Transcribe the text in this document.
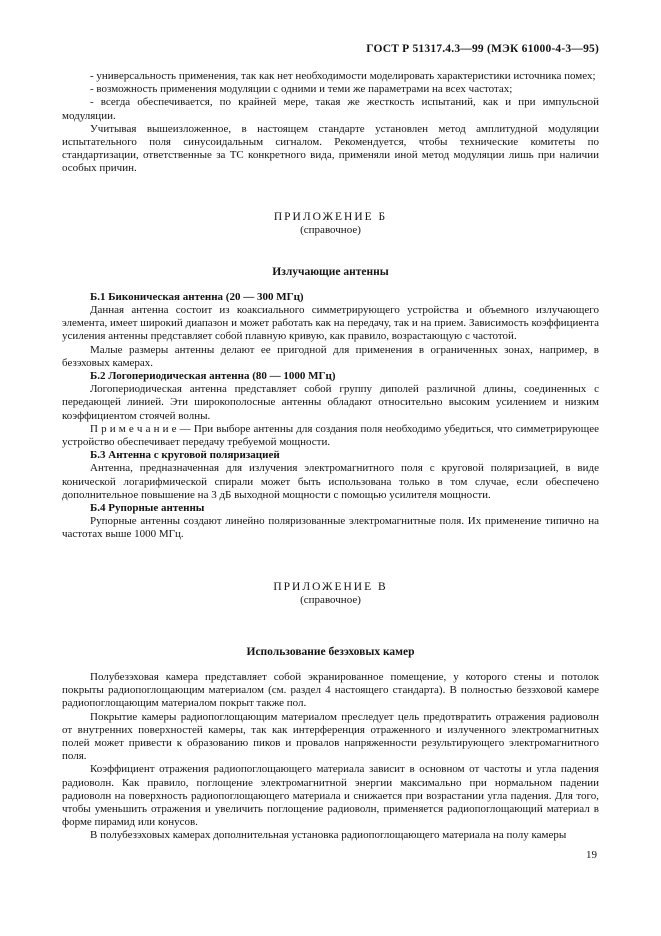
ГОСТ Р 51317.4.3—99 (МЭК 61000-4-3—95)

- универсальность применения, так как нет необходимости моделировать характеристики источника помех;

- возможность применения модуляции с одними и теми же параметрами на всех частотах;

- всегда обеспечивается, по крайней мере, такая же жесткость испытаний, как и при импульсной модуляции.

Учитывая вышеизложенное, в настоящем стандарте установлен метод амплитудной модуляции испытательного поля синусоидальным сигналом. Рекомендуется, чтобы технические комитеты по стандартизации, ответственные за ТС конкретного вида, применяли иной метод модуляции лишь при наличии особых причин.

ПРИЛОЖЕНИЕ Б
(справочное)
Излучающие антенны

Б.1 Биконическая антенна (20 — 300 МГц)

Данная антенна состоит из коаксиального симметрирующего устройства и объемного излучающего элемента, имеет широкий диапазон и может работать как на передачу, так и на прием. Зависимость коэффициента усиления антенны представляет собой плавную кривую, как правило, возрастающую с частотой.

Малые размеры антенны делают ее пригодной для применения в ограниченных зонах, например, в безэховых камерах.

Б.2 Логопериодическая антенна (80 — 1000 МГц)

Логопериодическая антенна представляет собой группу диполей различной длины, соединенных с передающей линией. Эти широкополосные антенны обладают относительно высоким усилением и низким коэффициентом стоячей волны.

П р и м е ч а н и е — При выборе антенны для создания поля необходимо убедиться, что симметрирующее устройство обеспечивает передачу требуемой мощности.

Б.3 Антенна с круговой поляризацией

Антенна, предназначенная для излучения электромагнитного поля с круговой поляризацией, в виде конической логарифмической спирали может быть использована только в том случае, если обеспечено дополнительное повышение на 3 дБ выходной мощности с помощью усилителя мощности.

Б.4 Рупорные антенны

Рупорные антенны создают линейно поляризованные электромагнитные поля. Их применение типично на частотах выше 1000 МГц.

ПРИЛОЖЕНИЕ В
(справочное)
Использование безэховых камер

Полубезэховая камера представляет собой экранированное помещение, у которого стены и потолок покрыты радиопоглощающим материалом (см. раздел 4 настоящего стандарта). В полностью безэховой камере радиопоглощающим материалом покрыт также пол.

Покрытие камеры радиопоглощающим материалом преследует цель предотвратить отражения радиоволн от внутренних поверхностей камеры, так как интерференция отраженного и излученного электромагнитных полей может привести к образованию пиков и провалов напряженности результирующего электромагнитного поля.

Коэффициент отражения радиопоглощающего материала зависит в основном от частоты и угла падения радиоволн. Как правило, поглощение электромагнитной энергии максимально при нормальном падении радиоволн на поверхность радиопоглощающего материала и снижается при возрастании угла падения. Для того, чтобы уменьшить отражения и увеличить поглощение радиоволн, применяется радиопоглощающий материал в форме пирамид или конусов.

В полубезэховых камерах дополнительная установка радиопоглощающего материала на полу камеры

19
